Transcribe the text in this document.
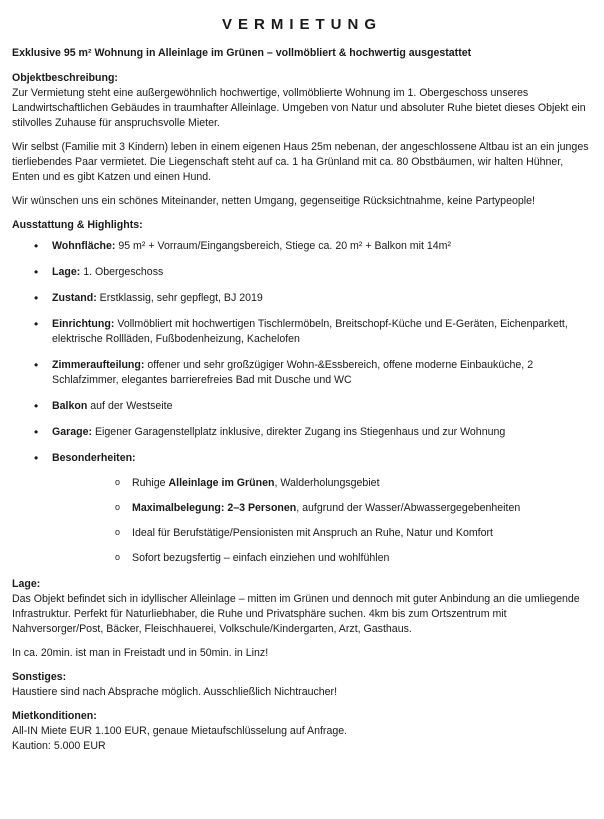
VERMIETUNG
Exklusive 95 m² Wohnung in Alleinlage im Grünen – vollmöbliert & hochwertig ausgestattet
Objektbeschreibung:

Zur Vermietung steht eine außergewöhnlich hochwertige, vollmöblierte Wohnung im 1. Obergeschoss unseres Landwirtschaftlichen Gebäudes in traumhafter Alleinlage. Umgeben von Natur und absoluter Ruhe bietet dieses Objekt ein stilvolles Zuhause für anspruchsvolle Mieter.

Wir selbst (Familie mit 3 Kindern) leben in einem eigenen Haus 25m nebenan, der angeschlossene Altbau ist an ein junges tierliebendes Paar vermietet. Die Liegenschaft steht auf ca. 1 ha Grünland mit ca. 80 Obstbäumen, wir halten Hühner, Enten und es gibt Katzen und einen Hund.

Wir wünschen uns ein schönes Miteinander, netten Umgang, gegenseitige Rücksichtnahme, keine Partypeople!

Ausstattung & Highlights:
• Wohnfläche: 95 m² + Vorraum/Eingangsbereich, Stiege ca. 20 m² + Balkon mit 14m²
• Lage: 1. Obergeschoss
• Zustand: Erstklassig, sehr gepflegt, BJ 2019
• Einrichtung: Vollmöbliert mit hochwertigen Tischlermöbeln, Breitschopf-Küche und E-Geräten, Eichenparkett, elektrische Rollläden, Fußbodenheizung, Kachelofen
• Zimmeraufteilung: offener und sehr großzügiger Wohn-&Essbereich, offene moderne Einbauküche, 2 Schlafzimmer, elegantes barrierefreies Bad mit Dusche und WC
• Balkon auf der Westseite
• Garage: Eigener Garagenstellplatz inklusive, direkter Zugang ins Stiegenhaus und zur Wohnung
• Besonderheiten:
o Ruhige Alleinlage im Grünen, Walderholungsgebiet
o Maximalbelegung: 2–3 Personen, aufgrund der Wasser/Abwassergegebenheiten
o Ideal für Berufstätige/Pensionisten mit Anspruch an Ruhe, Natur und Komfort
o Sofort bezugsfertig – einfach einziehen und wohlfühlen
Lage:

Das Objekt befindet sich in idyllischer Alleinlage – mitten im Grünen und dennoch mit guter Anbindung an die umliegende Infrastruktur. Perfekt für Naturliebhaber, die Ruhe und Privatsphäre suchen. 4km bis zum Ortszentrum mit Nahversorger/Post, Bäcker, Fleischhauerei, Volkschule/Kindergarten, Arzt, Gasthaus.

In ca. 20min. ist man in Freistadt und in 50min. in Linz!

Sonstiges:

Haustiere sind nach Absprache möglich. Ausschließlich Nichtraucher!

Mietkonditionen:
All-IN Miete EUR 1.100 EUR, genaue Mietaufschlüsselung auf Anfrage.
Kaution: 5.000 EUR
